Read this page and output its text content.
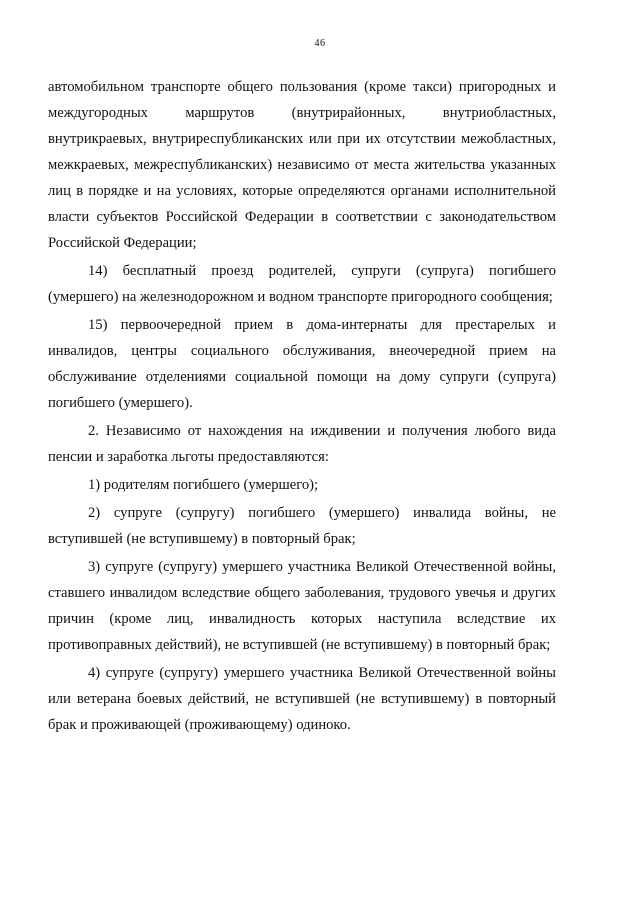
46

автомобильном транспорте общего пользования (кроме такси) пригородных и междугородных маршрутов (внутрирайонных, внутриобластных, внутрикраевых, внутриреспубликанских или при их отсутствии межобластных, межкраевых, межреспубликанских) независимо от места жительства указанных лиц в порядке и на условиях, которые определяются органами исполнительной власти субъектов Российской Федерации в соответствии с законодательством Российской Федерации;

14) бесплатный проезд родителей, супруги (супруга) погибшего (умершего) на железнодорожном и водном транспорте пригородного сообщения;

15) первоочередной прием в дома-интернаты для престарелых и инвалидов, центры социального обслуживания, внеочередной прием на обслуживание отделениями социальной помощи на дому супруги (супруга) погибшего (умершего).

2. Независимо от нахождения на иждивении и получения любого вида пенсии и заработка льготы предоставляются:

1) родителям погибшего (умершего);

2) супруге (супругу) погибшего (умершего) инвалида войны, не вступившей (не вступившему) в повторный брак;

3) супруге (супругу) умершего участника Великой Отечественной войны, ставшего инвалидом вследствие общего заболевания, трудового увечья и других причин (кроме лиц, инвалидность которых наступила вследствие их противоправных действий), не вступившей (не вступившему) в повторный брак;

4) супруге (супругу) умершего участника Великой Отечественной войны или ветерана боевых действий, не вступившей (не вступившему) в повторный брак и проживающей (проживающему) одиноко.
